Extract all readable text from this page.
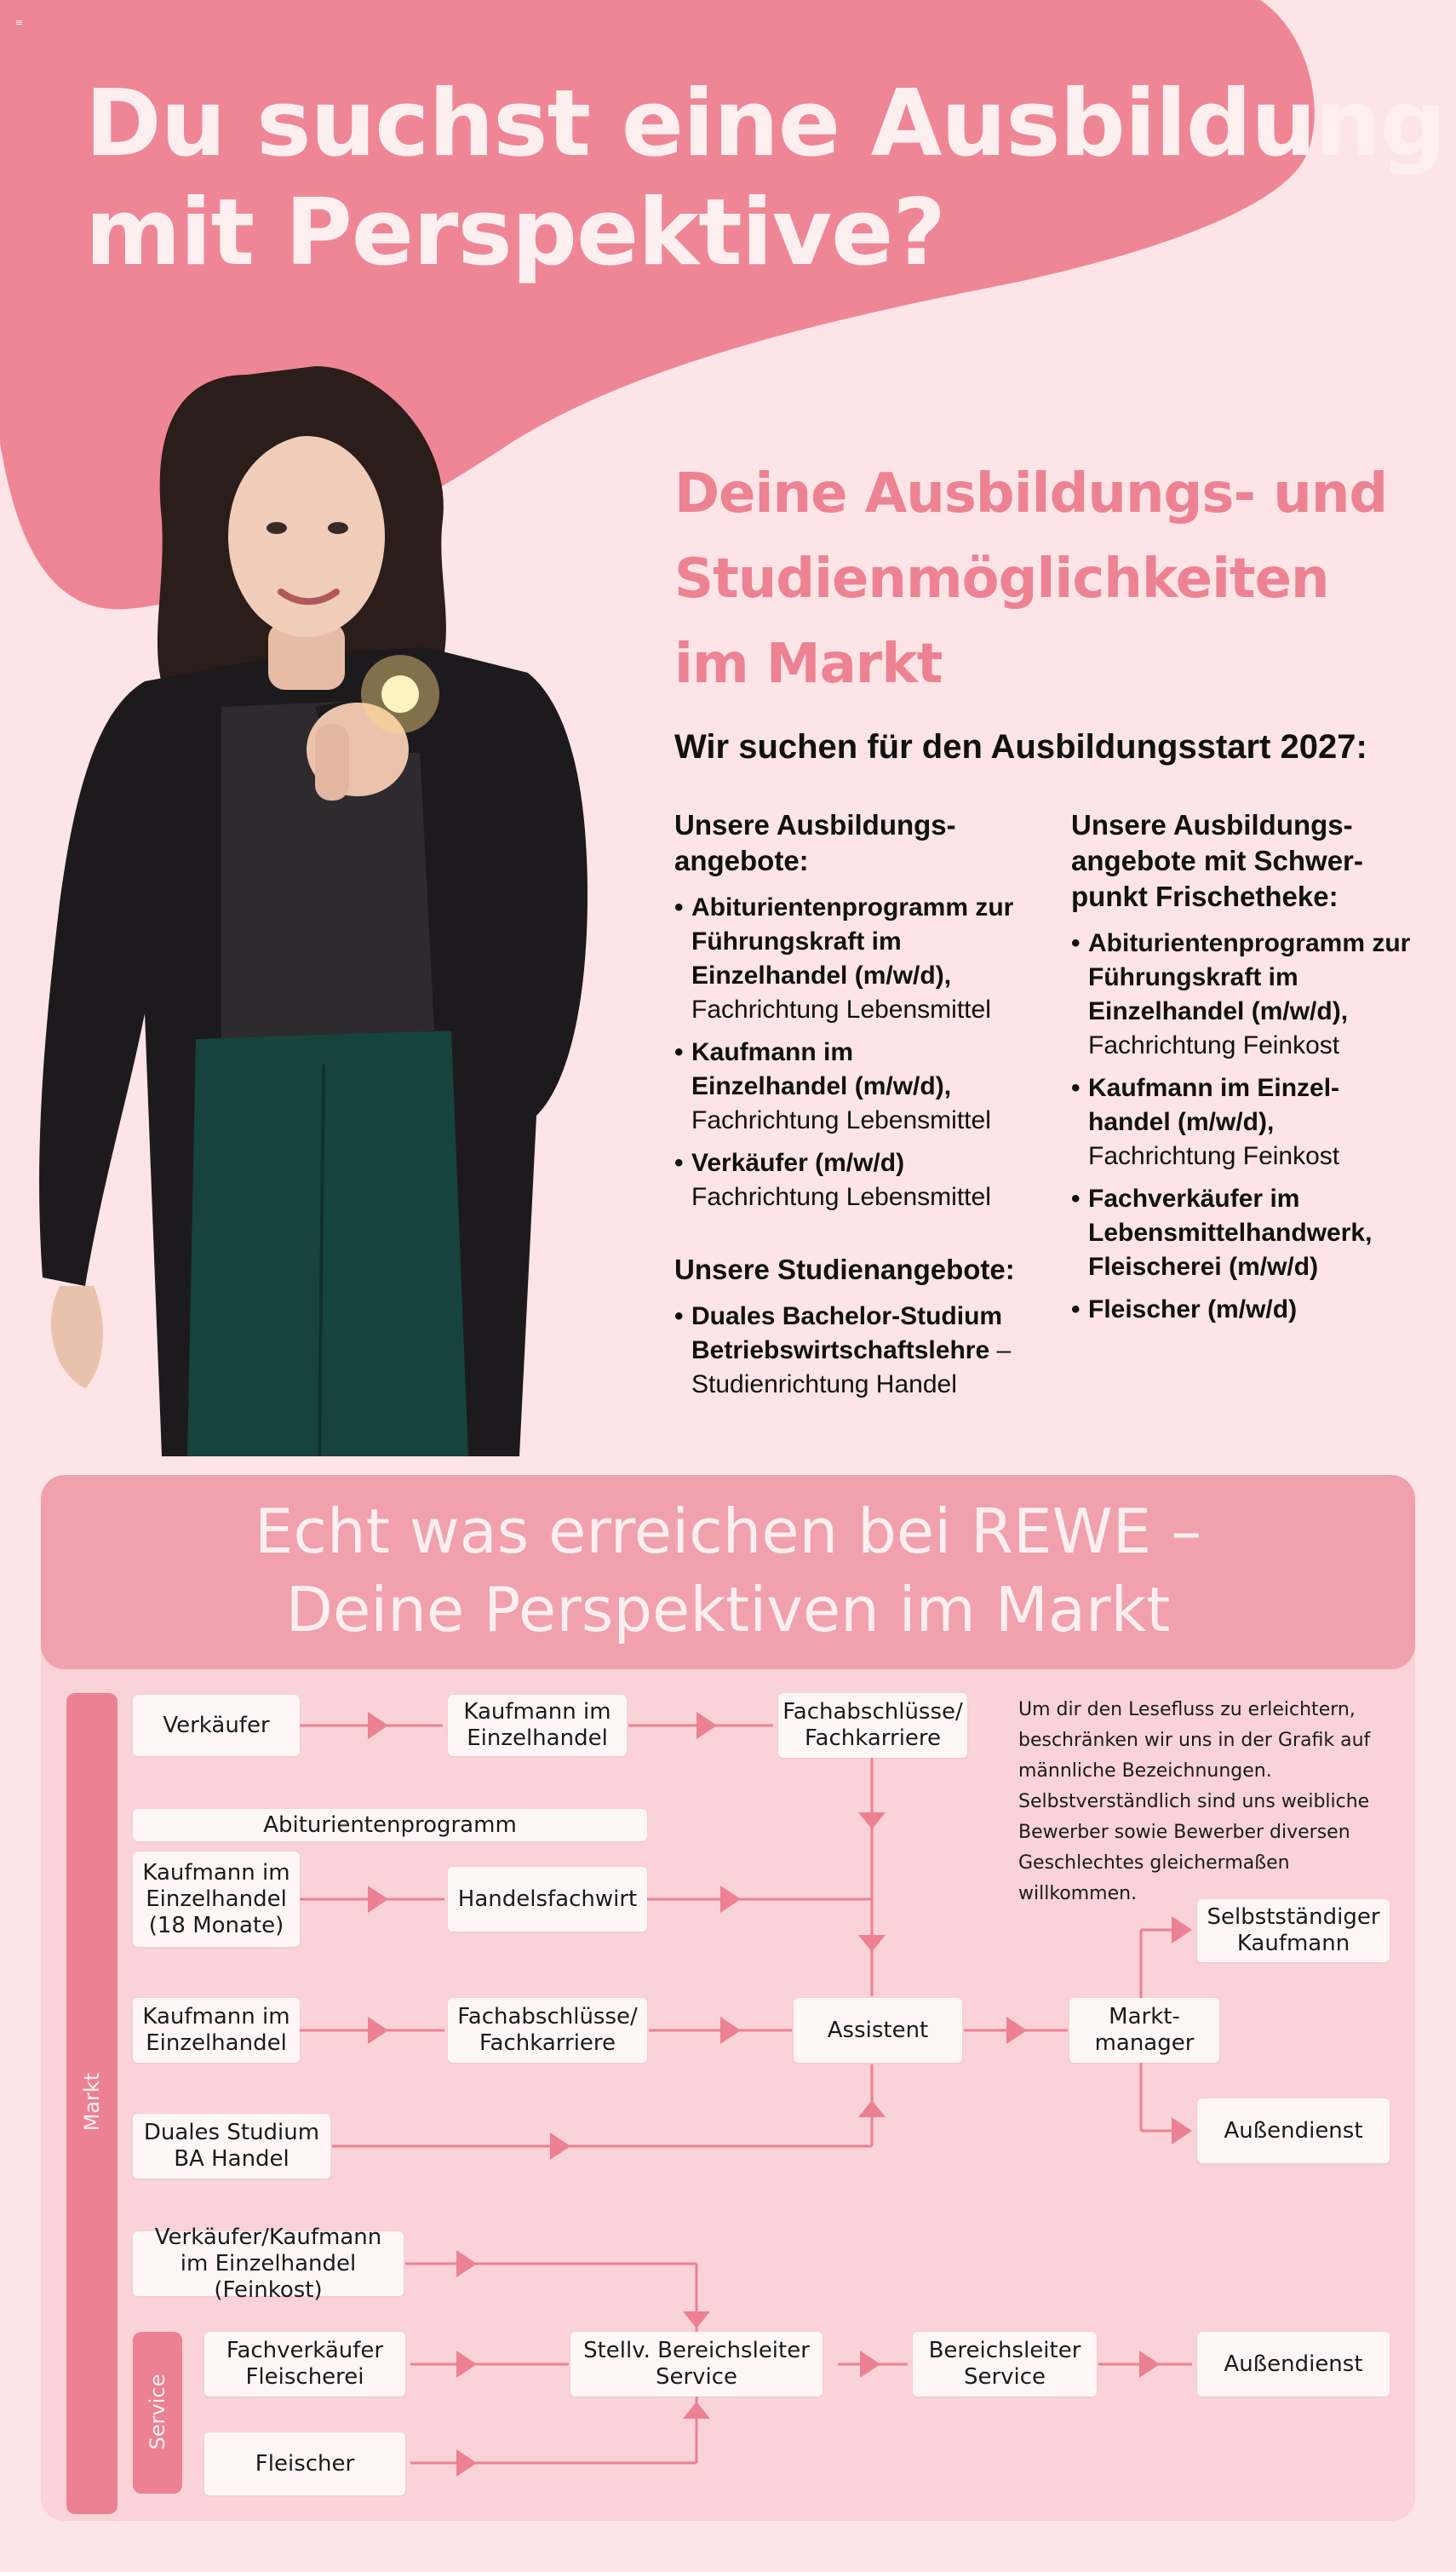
≡
Du suchst eine Ausbildung
mit Perspektive?
Deine Ausbildungs- und
Studienmöglichkeiten
im Markt

Wir suchen für den Ausbildungsstart 2027:

Unsere Ausbildungs-angebote:
• Abiturientenprogramm zur Führungskraft im Einzelhandel (m/w/d), Fachrichtung Lebensmittel
• Kaufmann im Einzelhandel (m/w/d), Fachrichtung Lebensmittel
• Verkäufer (m/w/d) Fachrichtung Lebensmittel
Unsere Studienangebote:
• Duales Bachelor-Studium Betriebswirtschaftslehre – Studienrichtung Handel
Unsere Ausbildungs-angebote mit Schwer-punkt Frischetheke:
• Abiturientenprogramm zur Führungskraft im Einzelhandel (m/w/d), Fachrichtung Feinkost
• Kaufmann im Einzel-handel (m/w/d), Fachrichtung Feinkost
• Fachverkäufer im Lebensmittelhandwerk, Fleischerei (m/w/d)
• Fleischer (m/w/d)
Echt was erreichen bei REWE –
Deine Perspektiven im Markt
Markt
Service
Verkäufer
Kaufmann im Einzelhandel
Fachabschlüsse/ Fachkarriere
Abiturientenprogramm
Kaufmann im Einzelhandel (18 Monate)
Handelsfachwirt
Kaufmann im Einzelhandel
Fachabschlüsse/ Fachkarriere
Assistent
Markt-manager
Selbstständiger Kaufmann
Außendienst
Duales Studium BA Handel
Verkäufer/Kaufmann im Einzelhandel (Feinkost)
Fachverkäufer Fleischerei
Stellv. Bereichsleiter Service
Bereichsleiter Service
Außendienst
Fleischer
Um dir den Lesefluss zu erleichtern, beschränken wir uns in der Grafik auf männliche Bezeichnungen. Selbstverständlich sind uns weibliche Bewerber sowie Bewerber diversen Geschlechtes gleichermaßen willkommen.
